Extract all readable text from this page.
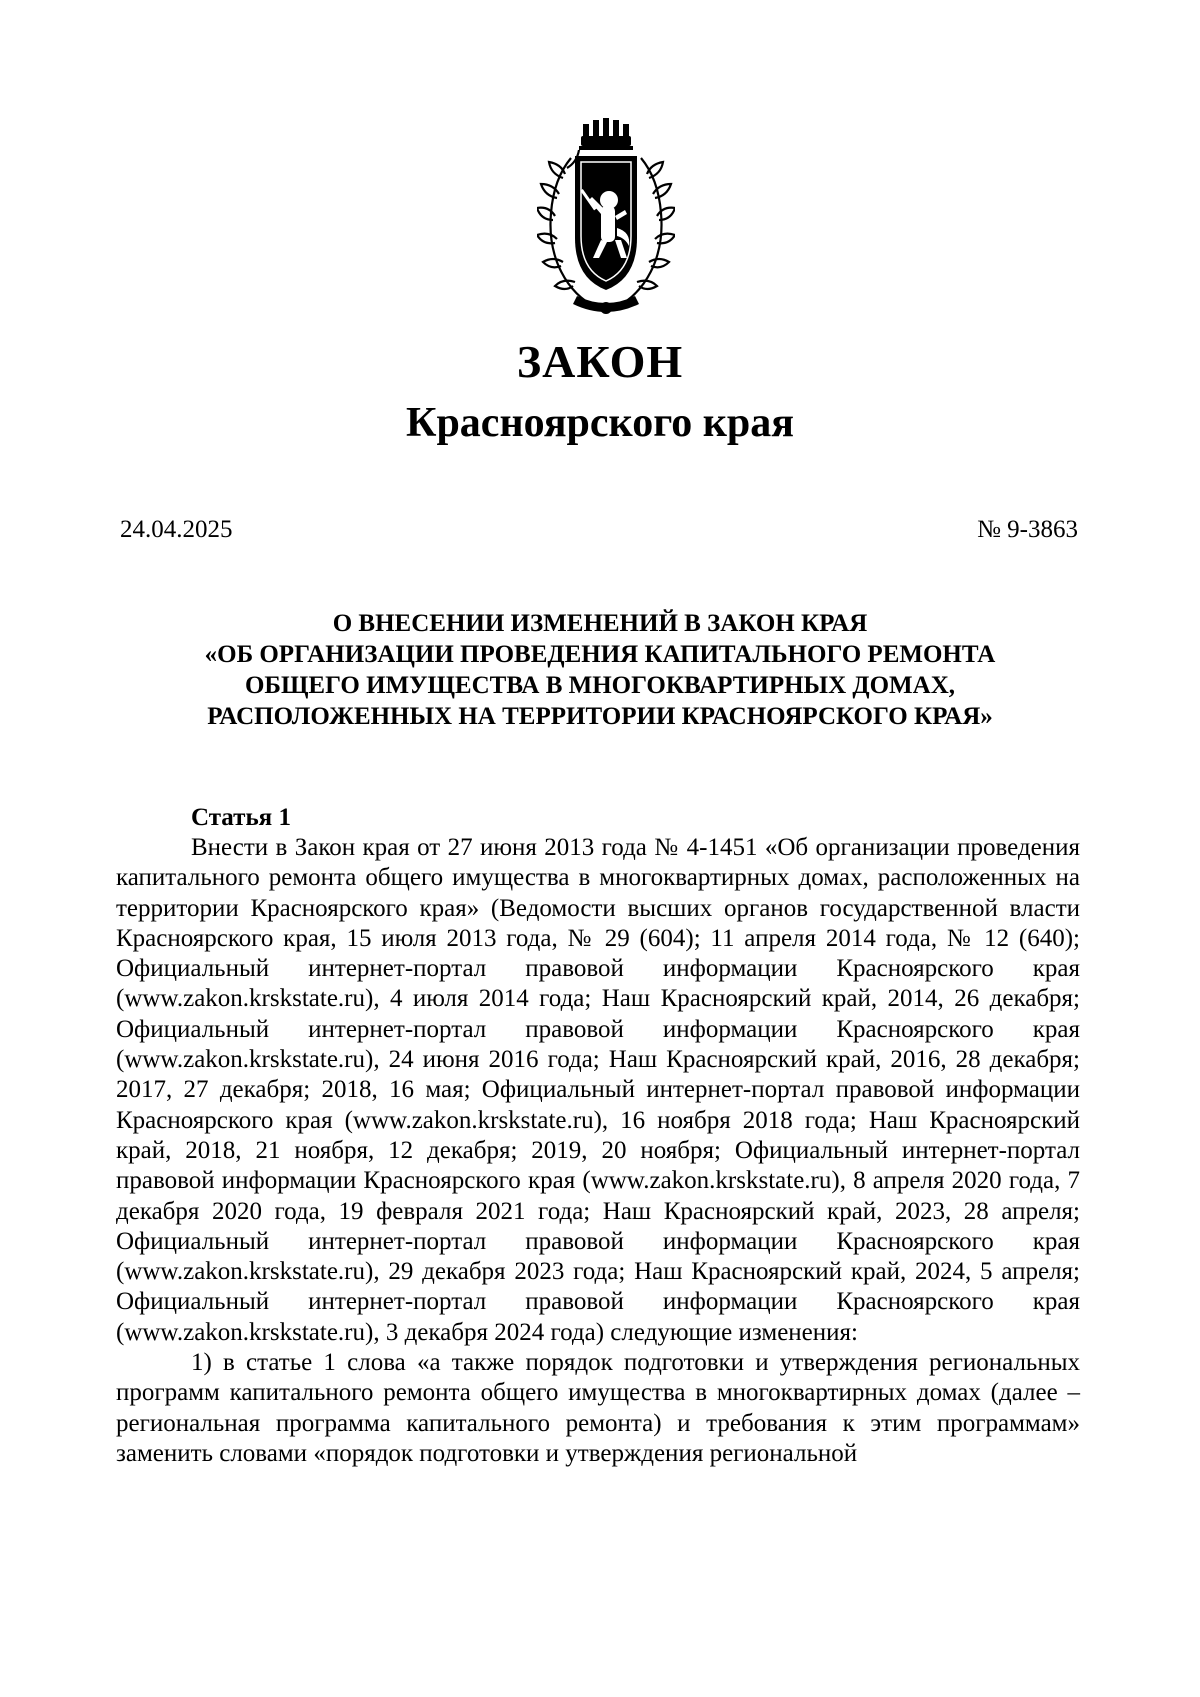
ЗАКОН
Красноярского края
24.04.2025	№ 9-3863
О ВНЕСЕНИИ ИЗМЕНЕНИЙ В ЗАКОН КРАЯ
«ОБ ОРГАНИЗАЦИИ ПРОВЕДЕНИЯ КАПИТАЛЬНОГО РЕМОНТА
ОБЩЕГО ИМУЩЕСТВА В МНОГОКВАРТИРНЫХ ДОМАХ,
РАСПОЛОЖЕННЫХ НА ТЕРРИТОРИИ КРАСНОЯРСКОГО КРАЯ»
Статья 1

Внести в Закон края от 27 июня 2013 года № 4-1451 «Об организации проведения капитального ремонта общего имущества в многоквартирных домах, расположенных на территории Красноярского края» (Ведомости высших органов государственной власти Красноярского края, 15 июля 2013 года, № 29 (604); 11 апреля 2014 года, № 12 (640); Официальный интернет-портал правовой информации Красноярского края (www.zakon.krskstate.ru), 4 июля 2014 года; Наш Красноярский край, 2014, 26 декабря; Официальный интернет-портал правовой информации Красноярского края (www.zakon.krskstate.ru), 24 июня 2016 года; Наш Красноярский край, 2016, 28 декабря; 2017, 27 декабря; 2018, 16 мая; Официальный интернет-портал правовой информации Красноярского края (www.zakon.krskstate.ru), 16 ноября 2018 года; Наш Красноярский край, 2018, 21 ноября, 12 декабря; 2019, 20 ноября; Официальный интернет-портал правовой информации Красноярского края (www.zakon.krskstate.ru), 8 апреля 2020 года, 7 декабря 2020 года, 19 февраля 2021 года; Наш Красноярский край, 2023, 28 апреля; Официальный интернет-портал правовой информации Красноярского края (www.zakon.krskstate.ru), 29 декабря 2023 года; Наш Красноярский край, 2024, 5 апреля; Официальный интернет-портал правовой информации Красноярского края (www.zakon.krskstate.ru), 3 декабря 2024 года) следующие изменения:

1) в статье 1 слова «а также порядок подготовки и утверждения региональных программ капитального ремонта общего имущества в многоквартирных домах (далее – региональная программа капитального ремонта) и требования к этим программам» заменить словами «порядок подготовки и утверждения региональной
